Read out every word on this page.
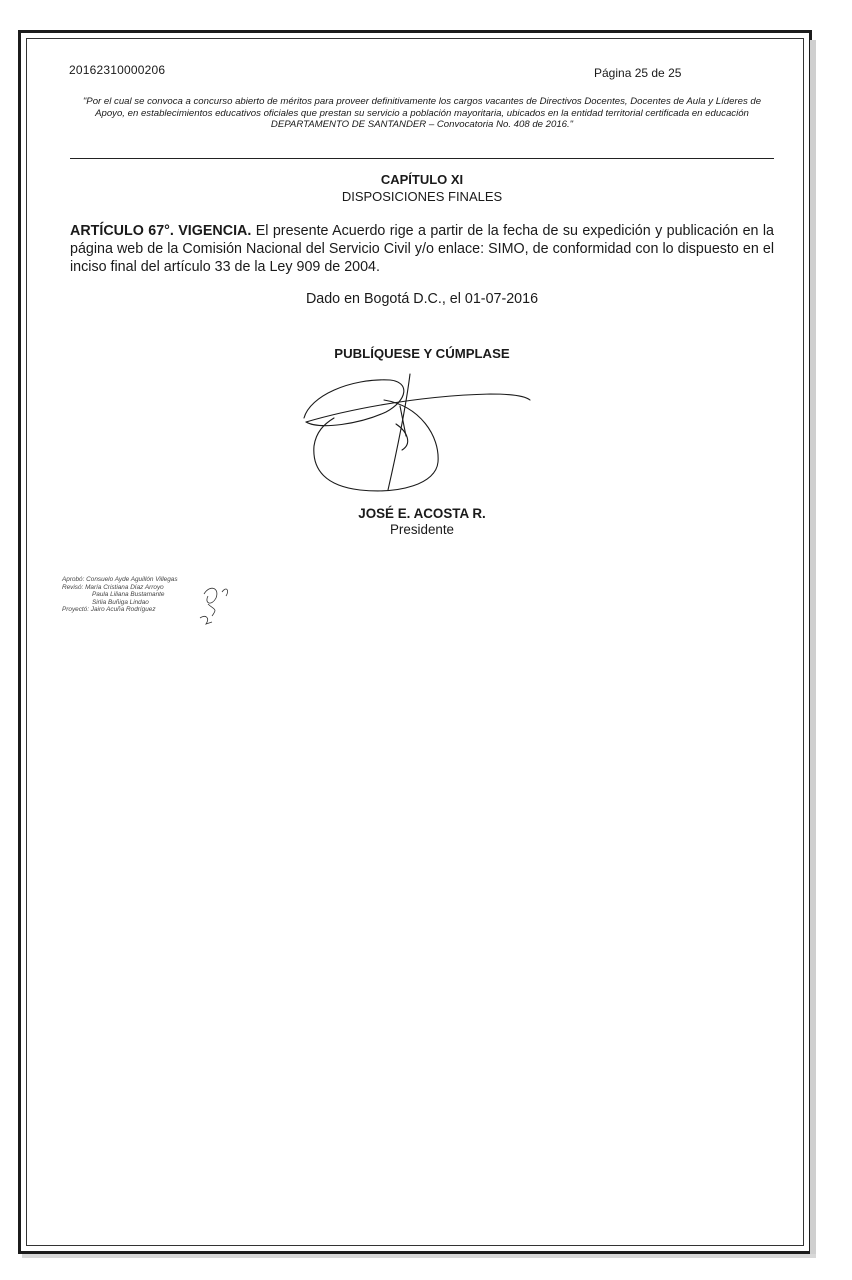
20162310000206	Página 25 de 25
"Por el cual se convoca a concurso abierto de méritos para proveer definitivamente los cargos vacantes de Directivos Docentes, Docentes de Aula y Líderes de Apoyo, en establecimientos educativos oficiales que prestan su servicio a población mayoritaria, ubicados en la entidad territorial certificada en educación DEPARTAMENTO DE SANTANDER – Convocatoria No. 408 de 2016."
CAPÍTULO XI
DISPOSICIONES FINALES
ARTÍCULO 67°. VIGENCIA. El presente Acuerdo rige a partir de la fecha de su expedición y publicación en la página web de la Comisión Nacional del Servicio Civil y/o enlace: SIMO, de conformidad con lo dispuesto en el inciso final del artículo 33 de la Ley 909 de 2004.
Dado en Bogotá D.C., el 01-07-2016
PUBLÍQUESE Y CÚMPLASE
JOSÉ E. ACOSTA R.
Presidente
Aprobó: Consuelo Ayde Aguillón Villegas
Revisó: María Cristiana Díaz Arroyo
Paula Liliana Bustamante
Sirlia Buñiga Lindao
Proyectó: Jairo Acuña Rodríguez
